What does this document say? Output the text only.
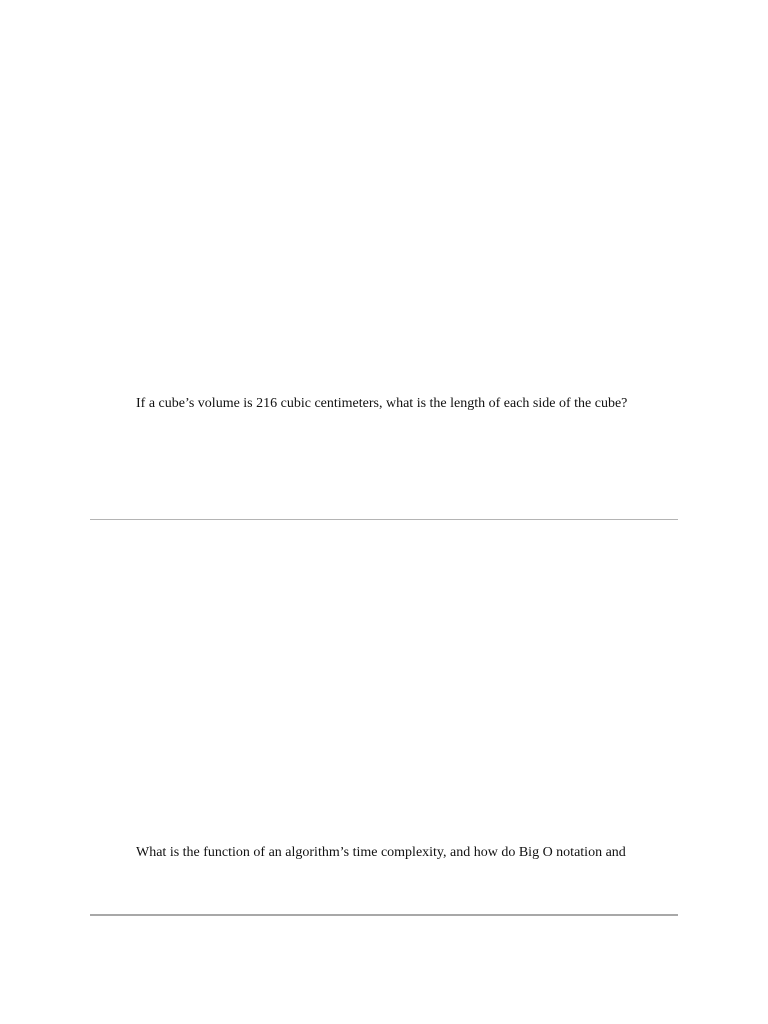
If a cube’s volume is 216 cubic centimeters, what is the length of each side of the cube?

What is the function of an algorithm’s time complexity, and how do Big O notation and
